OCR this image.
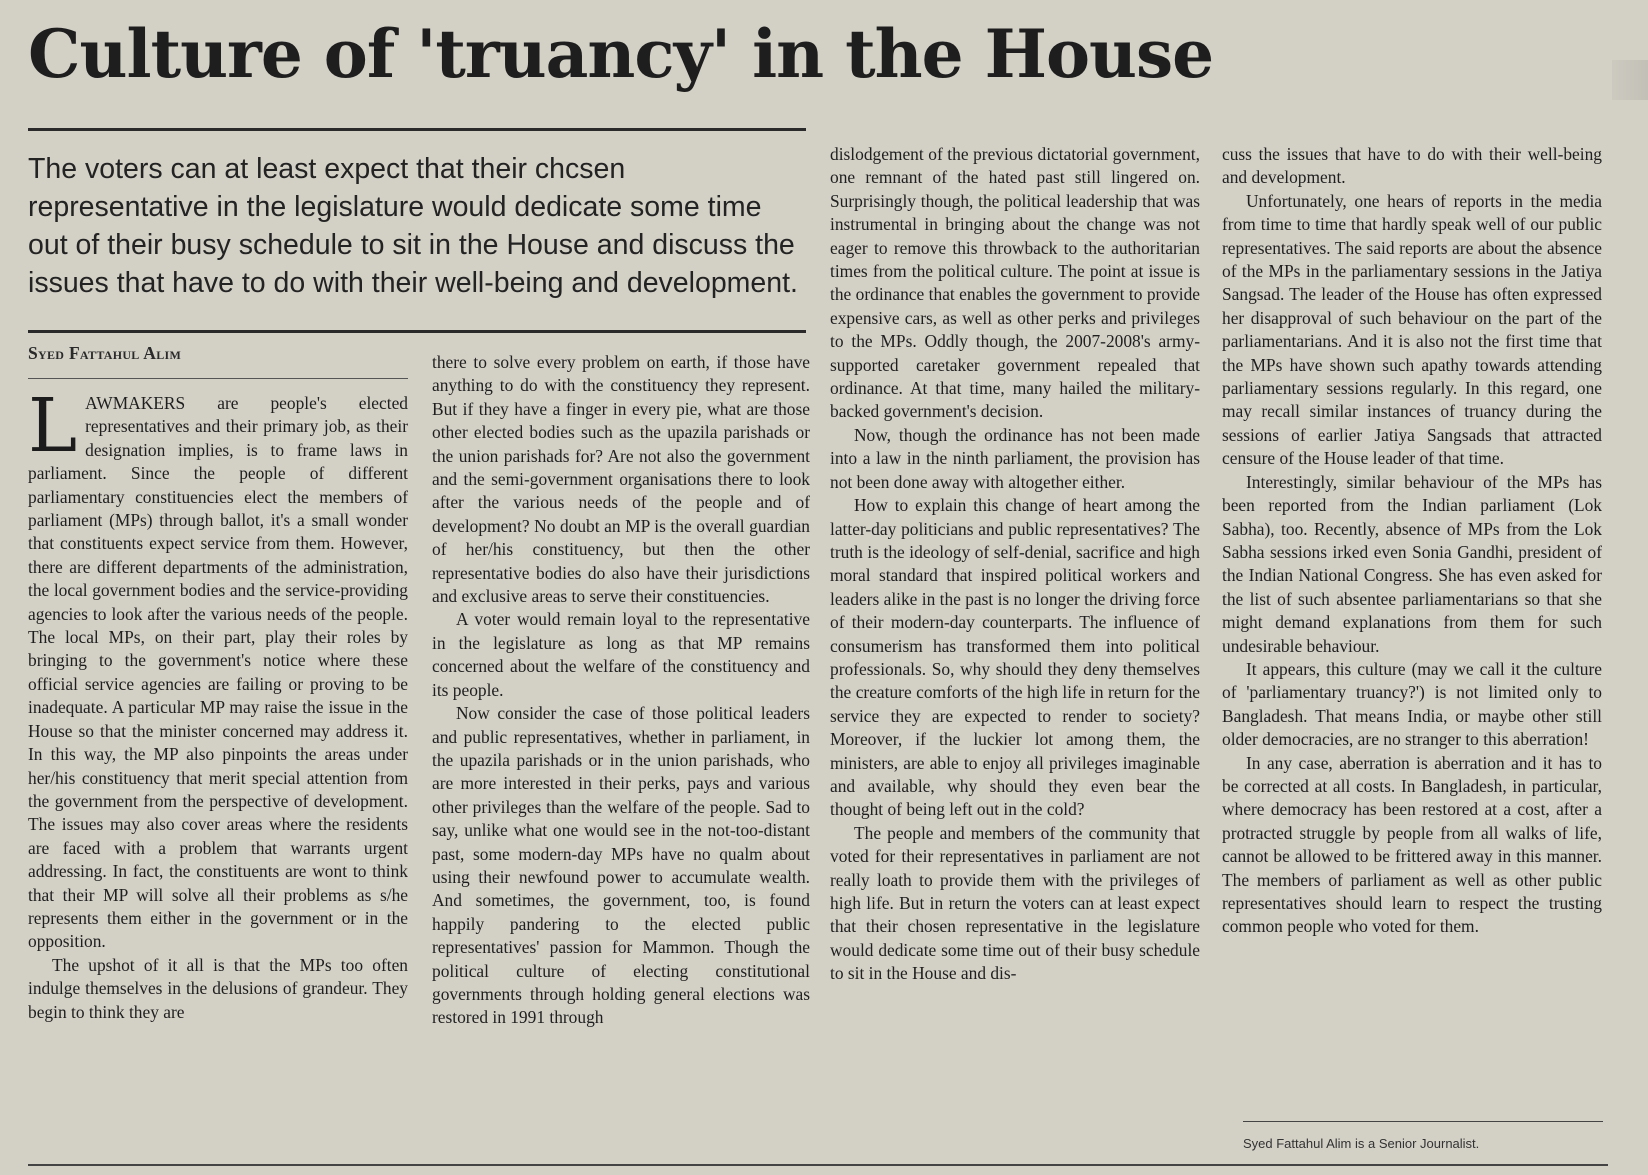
Culture of 'truancy' in the House
The voters can at least expect that their chcsen representative in the legislature would dedicate some time out of their busy schedule to sit in the House and discuss the issues that have to do with their well-being and development.
Syed Fattahul Alim

LAWMAKERS are people's elected representatives and their primary job, as their designation implies, is to frame laws in parliament. Since the people of different parliamentary constituencies elect the members of parliament (MPs) through ballot, it's a small wonder that constituents expect service from them. However, there are different departments of the administration, the local government bodies and the service-providing agencies to look after the various needs of the people. The local MPs, on their part, play their roles by bringing to the government's notice where these official service agencies are failing or proving to be inadequate. A particular MP may raise the issue in the House so that the minister concerned may address it. In this way, the MP also pinpoints the areas under her/his constituency that merit special attention from the government from the perspective of development. The issues may also cover areas where the residents are faced with a problem that warrants urgent addressing. In fact, the constituents are wont to think that their MP will solve all their problems as s/he represents them either in the government or in the opposition.

The upshot of it all is that the MPs too often indulge themselves in the delusions of grandeur. They begin to think they are

there to solve every problem on earth, if those have anything to do with the constituency they represent. But if they have a finger in every pie, what are those other elected bodies such as the upazila parishads or the union parishads for? Are not also the government and the semi-government organisations there to look after the various needs of the people and of development? No doubt an MP is the overall guardian of her/his constituency, but then the other representative bodies do also have their jurisdictions and exclusive areas to serve their constituencies.

A voter would remain loyal to the representative in the legislature as long as that MP remains concerned about the welfare of the constituency and its people.

Now consider the case of those political leaders and public representatives, whether in parliament, in the upazila parishads or in the union parishads, who are more interested in their perks, pays and various other privileges than the welfare of the people. Sad to say, unlike what one would see in the not-too-distant past, some modern-day MPs have no qualm about using their newfound power to accumulate wealth. And sometimes, the government, too, is found happily pandering to the elected public representatives' passion for Mammon. Though the political culture of electing constitutional governments through holding general elections was restored in 1991 through

dislodgement of the previous dictatorial government, one remnant of the hated past still lingered on. Surprisingly though, the political leadership that was instrumental in bringing about the change was not eager to remove this throwback to the authoritarian times from the political culture. The point at issue is the ordinance that enables the government to provide expensive cars, as well as other perks and privileges to the MPs. Oddly though, the 2007-2008's army-supported caretaker government repealed that ordinance. At that time, many hailed the military-backed government's decision.

Now, though the ordinance has not been made into a law in the ninth parliament, the provision has not been done away with altogether either.

How to explain this change of heart among the latter-day politicians and public representatives? The truth is the ideology of self-denial, sacrifice and high moral standard that inspired political workers and leaders alike in the past is no longer the driving force of their modern-day counterparts. The influence of consumerism has transformed them into political professionals. So, why should they deny themselves the creature comforts of the high life in return for the service they are expected to render to society? Moreover, if the luckier lot among them, the ministers, are able to enjoy all privileges imaginable and available, why should they even bear the thought of being left out in the cold?

The people and members of the community that voted for their representatives in parliament are not really loath to provide them with the privileges of high life. But in return the voters can at least expect that their chosen representative in the legislature would dedicate some time out of their busy schedule to sit in the House and dis-

cuss the issues that have to do with their well-being and development.

Unfortunately, one hears of reports in the media from time to time that hardly speak well of our public representatives. The said reports are about the absence of the MPs in the parliamentary sessions in the Jatiya Sangsad. The leader of the House has often expressed her disapproval of such behaviour on the part of the parliamentarians. And it is also not the first time that the MPs have shown such apathy towards attending parliamentary sessions regularly. In this regard, one may recall similar instances of truancy during the sessions of earlier Jatiya Sangsads that attracted censure of the House leader of that time.

Interestingly, similar behaviour of the MPs has been reported from the Indian parliament (Lok Sabha), too. Recently, absence of MPs from the Lok Sabha sessions irked even Sonia Gandhi, president of the Indian National Congress. She has even asked for the list of such absentee parliamentarians so that she might demand explanations from them for such undesirable behaviour.

It appears, this culture (may we call it the culture of 'parliamentary truancy?') is not limited only to Bangladesh. That means India, or maybe other still older democracies, are no stranger to this aberration!

In any case, aberration is aberration and it has to be corrected at all costs. In Bangladesh, in particular, where democracy has been restored at a cost, after a protracted struggle by people from all walks of life, cannot be allowed to be frittered away in this manner. The members of parliament as well as other public representatives should learn to respect the trusting common people who voted for them.

Syed Fattahul Alim is a Senior Journalist.
